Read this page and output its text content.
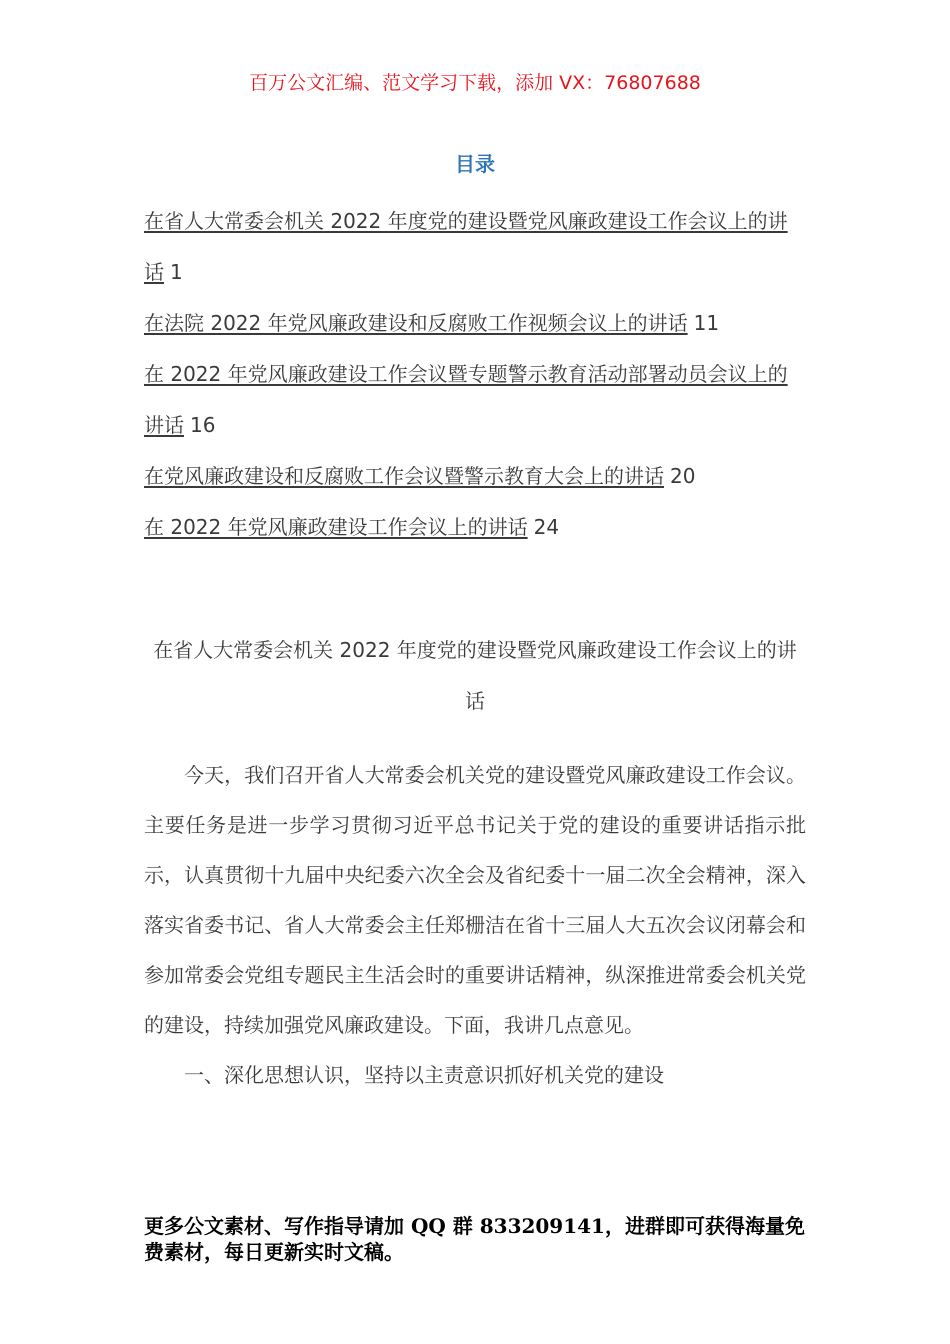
百万公文汇编、范文学习下载，添加 VX：76807688
目录

在省人大常委会机关 2022 年度党的建设暨党风廉政建设工作会议上的讲话 1

在法院 2022 年党风廉政建设和反腐败工作视频会议上的讲话 11

在 2022 年党风廉政建设工作会议暨专题警示教育活动部署动员会议上的讲话 16

在党风廉政建设和反腐败工作会议暨警示教育大会上的讲话 20

在 2022 年党风廉政建设工作会议上的讲话 24

在省人大常委会机关 2022 年度党的建设暨党风廉政建设工作会议上的讲话

今天，我们召开省人大常委会机关党的建设暨党风廉政建设工作会议。主要任务是进一步学习贯彻习近平总书记关于党的建设的重要讲话指示批示，认真贯彻十九届中央纪委六次全会及省纪委十一届二次全会精神，深入落实省委书记、省人大常委会主任郑栅洁在省十三届人大五次会议闭幕会和参加常委会党组专题民主生活会时的重要讲话精神，纵深推进常委会机关党的建设，持续加强党风廉政建设。下面，我讲几点意见。

一、深化思想认识，坚持以主责意识抓好机关党的建设

更多公文素材、写作指导请加 QQ 群 833209141，进群即可获得海量免费素材，每日更新实时文稿。
